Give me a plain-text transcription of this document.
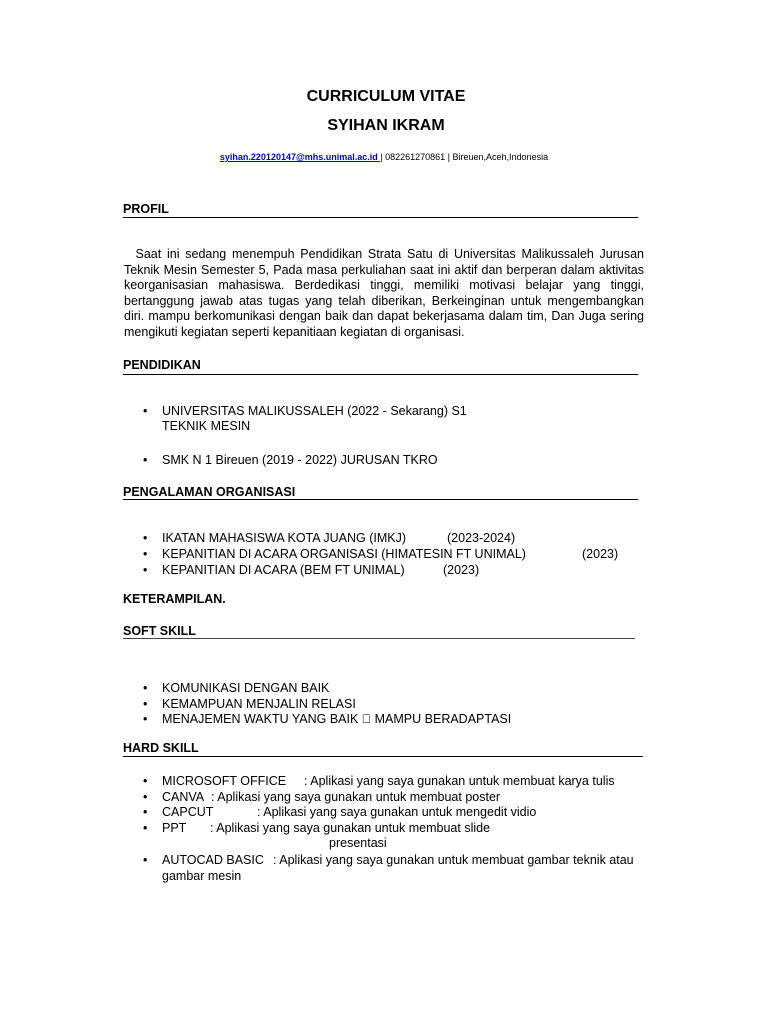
CURRICULUM VITAE
SYIHAN IKRAM
syihan.220120147@mhs.unimal.ac.id | 082261270861 | Bireuen,Aceh,Indonesia
PROFIL
Saat ini sedang menempuh Pendidikan Strata Satu di Universitas Malikussaleh Jurusan Teknik Mesin Semester 5, Pada masa perkuliahan saat ini aktif dan berperan dalam aktivitas keorganisasian mahasiswa. Berdedikasi tinggi, memiliki motivasi belajar yang tinggi, bertanggung jawab atas tugas yang telah diberikan, Berkeinginan untuk mengembangkan diri. mampu berkomunikasi dengan baik dan dapat bekerjasama dalam tim, Dan Juga sering mengikuti kegiatan seperti kepanitiaan kegiatan di organisasi.
PENDIDIKAN
• UNIVERSITAS MALIKUSSALEH (2022 - Sekarang) S1
TEKNIK MESIN
• SMK N 1 Bireuen (2019 - 2022) JURUSAN TKRO
PENGALAMAN ORGANISASI
• IKATAN MAHASISWA KOTA JUANG (IMKJ)	(2023-2024)
• KEPANITIAN DI ACARA ORGANISASI (HIMATESIN FT UNIMAL)	(2023)
• KEPANITIAN DI ACARA (BEM FT UNIMAL)	(2023)
KETERAMPILAN.
SOFT SKILL
• KOMUNIKASI DENGAN BAIK
• KEMAMPUAN MENJALIN RELASI
• MENAJEMEN WAKTU YANG BAIK MAMPU BERADAPTASI
HARD SKILL
• MICROSOFT OFFICE : Aplikasi yang saya gunakan untuk membuat karya tulis
• CANVA : Aplikasi yang saya gunakan untuk membuat poster
• CAPCUT	: Aplikasi yang saya gunakan untuk mengedit vidio
• PPT : Aplikasi yang saya gunakan untuk membuat slide
presentasi
• AUTOCAD BASIC : Aplikasi yang saya gunakan untuk membuat gambar teknik atau
gambar mesin
